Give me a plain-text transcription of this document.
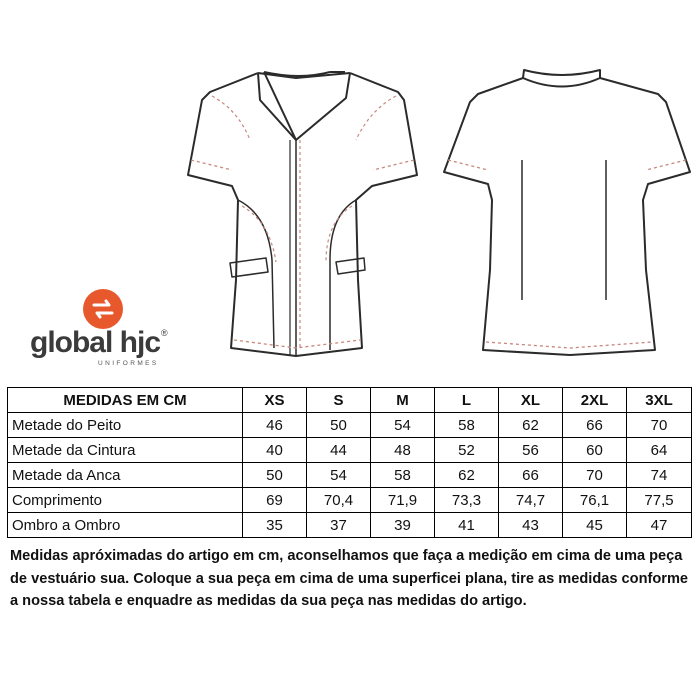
global hjc®
UNIFORMES
MEDIDAS EM CM	XS	S	M	L	XL	2XL	3XL
Metade do Peito	46	50	54	58	62	66	70
Metade da Cintura	40	44	48	52	56	60	64
Metade da Anca	50	54	58	62	66	70	74
Comprimento	69	70,4	71,9	73,3	74,7	76,1	77,5
Ombro a Ombro	35	37	39	41	43	45	47
Medidas apróximadas do artigo em cm, aconselhamos que faça a medição em cima de uma peça de vestuário sua. Coloque a sua peça em cima de uma superficei plana, tire as medidas conforme a nossa tabela e enquadre as medidas da sua peça nas medidas do artigo.
